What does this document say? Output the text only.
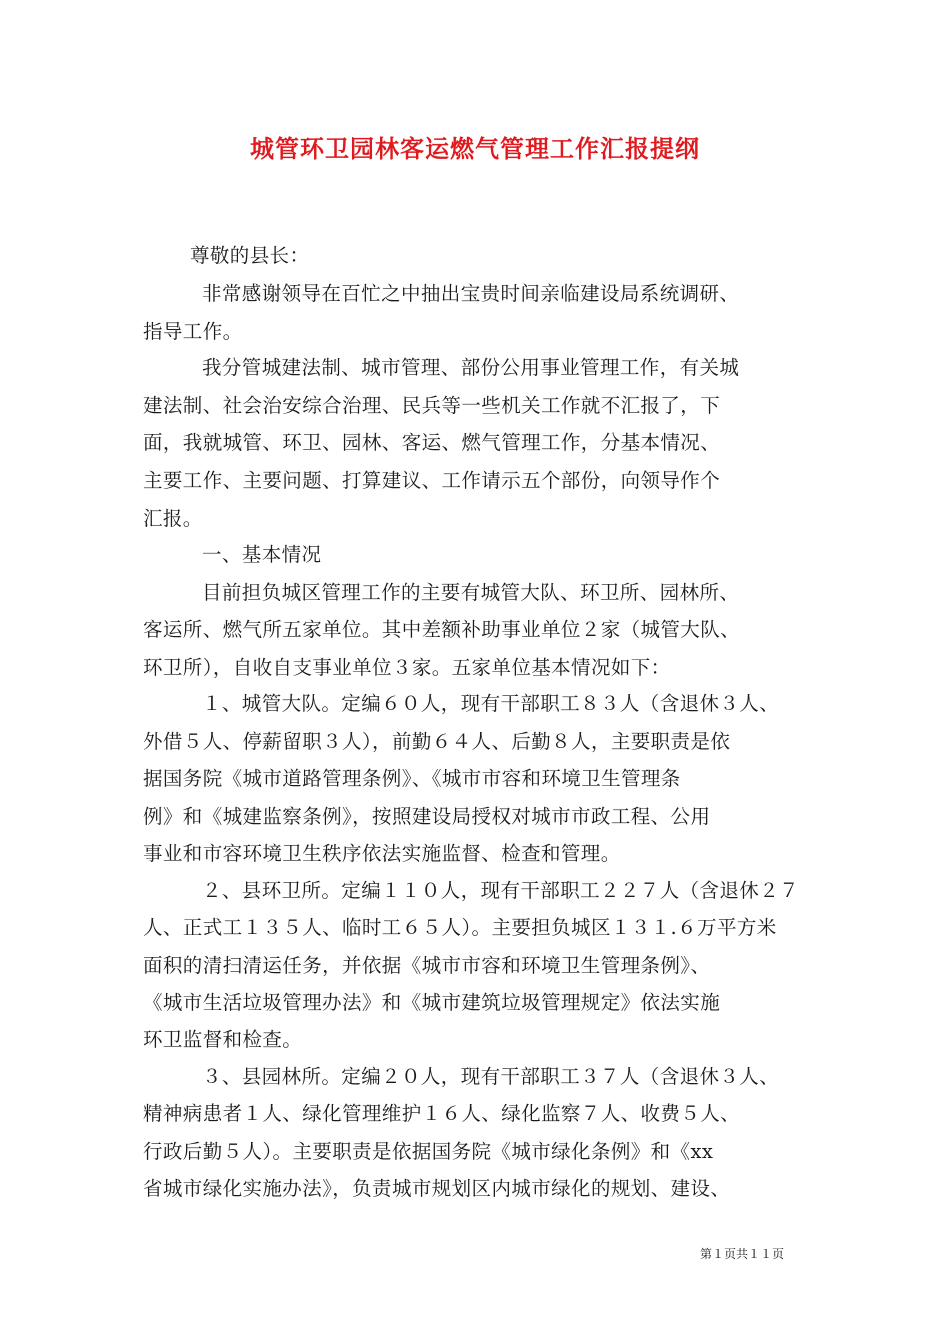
城管环卫园林客运燃气管理工作汇报提纲
尊敬的县长：
非常感谢领导在百忙之中抽出宝贵时间亲临建设局系统调研、
指导工作。
我分管城建法制、城市管理、部份公用事业管理工作，有关城
建法制、社会治安综合治理、民兵等一些机关工作就不汇报了，下
面，我就城管、环卫、园林、客运、燃气管理工作，分基本情况、
主要工作、主要问题、打算建议、工作请示五个部份，向领导作个
汇报。
一、基本情况
目前担负城区管理工作的主要有城管大队、环卫所、园林所、
客运所、燃气所五家单位。其中差额补助事业单位２家（城管大队、
环卫所），自收自支事业单位３家。五家单位基本情况如下：
１、城管大队。定编６０人，现有干部职工８３人（含退休３人、
外借５人、停薪留职３人），前勤６４人、后勤８人，主要职责是依
据国务院《城市道路管理条例》、《城市市容和环境卫生管理条
例》和《城建监察条例》，按照建设局授权对城市市政工程、公用
事业和市容环境卫生秩序依法实施监督、检查和管理。
２、县环卫所。定编１１０人，现有干部职工２２７人（含退休２７
人、正式工１３５人、临时工６５人）。主要担负城区１３１.６万平方米
面积的清扫清运任务，并依据《城市市容和环境卫生管理条例》、
《城市生活垃圾管理办法》和《城市建筑垃圾管理规定》依法实施
环卫监督和检查。
３、县园林所。定编２０人，现有干部职工３７人（含退休３人、
精神病患者１人、绿化管理维护１６人、绿化监察７人、收费５人、
行政后勤５人）。主要职责是依据国务院《城市绿化条例》和《xx
省城市绿化实施办法》，负责城市规划区内城市绿化的规划、建设、
第１页共１１页
